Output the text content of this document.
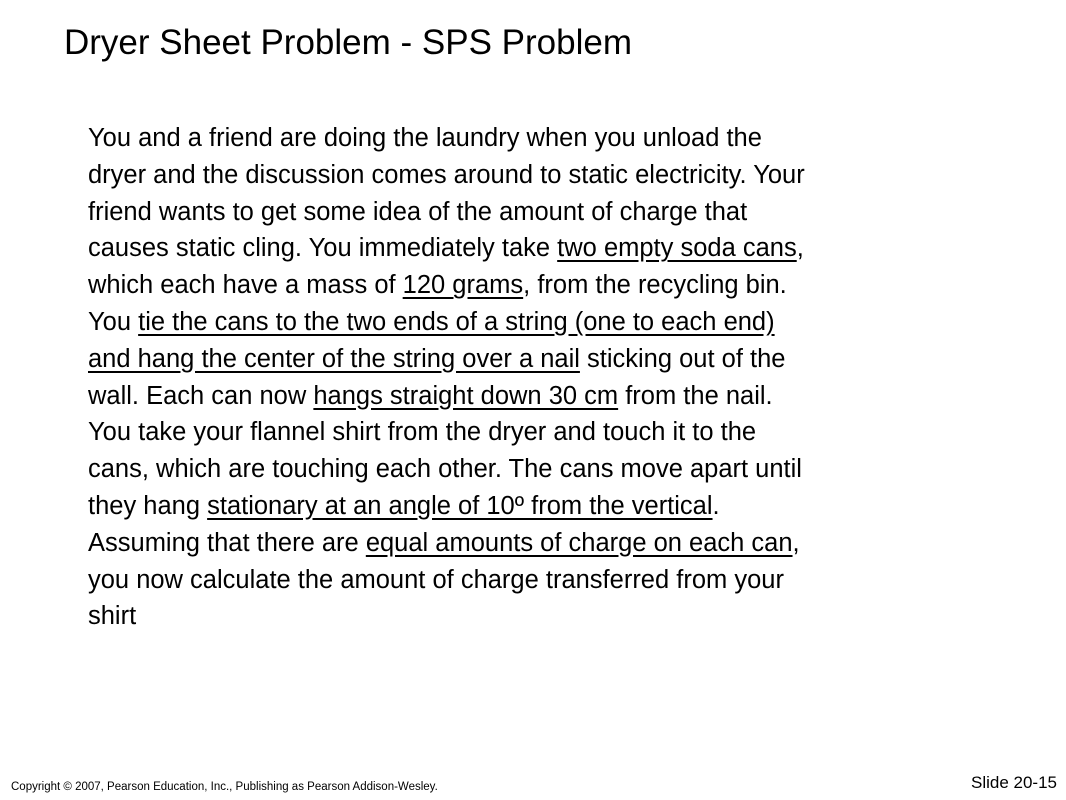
Dryer Sheet Problem - SPS Problem
You and a friend are doing the laundry when you unload the
dryer and the discussion comes around to static electricity. Your
friend wants to get some idea of the amount of charge that
causes static cling. You immediately take two empty soda cans,
which each have a mass of 120 grams, from the recycling bin.
You tie the cans to the two ends of a string (one to each end)
and hang the center of the string over a nail sticking out of the
wall. Each can now hangs straight down 30 cm from the nail.
You take your flannel shirt from the dryer and touch it to the
cans, which are touching each other. The cans move apart until
they hang stationary at an angle of 10º from the vertical.
Assuming that there are equal amounts of charge on each can,
you now calculate the amount of charge transferred from your
shirt
Copyright © 2007, Pearson Education, Inc., Publishing as Pearson Addison-Wesley.	Slide 20-15
